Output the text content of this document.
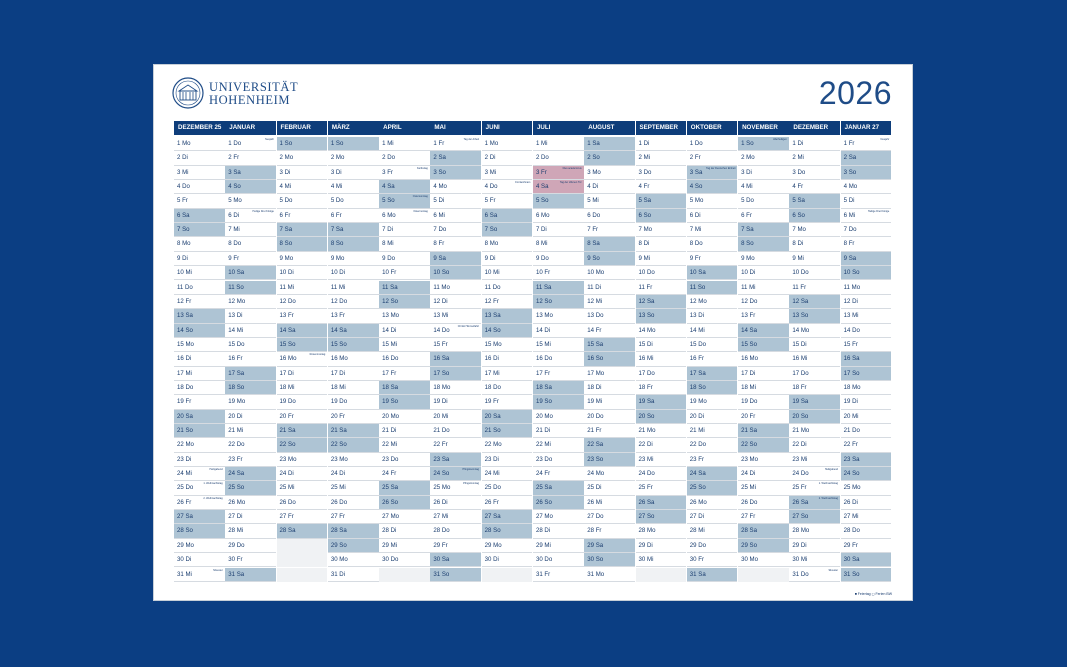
UNIVERSITÄT
HOHENHEIM	2026
DEZEMBER 25
1 Mo
2 Di
3 Mi
4 Do
5 Fr
6 Sa
7 So
8 Mo
9 Di
10 Mi
11 Do
12 Fr
13 Sa
14 So
15 Mo
16 Di
17 Mi
18 Do
19 Fr
20 Sa
21 So
22 Mo
23 Di
24 Mi
Heiligabend
25 Do
1. Weihnachtstag
26 Fr
2. Weihnachtstag
27 Sa
28 So
29 Mo
30 Di
31 Mi
Silvester
JANUAR
1 Do
Neujahr
2 Fr
3 Sa
4 So
5 Mo
6 Di
Heilige Drei Könige
7 Mi
8 Do
9 Fr
10 Sa
11 So
12 Mo
13 Di
14 Mi
15 Do
16 Fr
17 Sa
18 So
19 Mo
20 Di
21 Mi
22 Do
23 Fr
24 Sa
25 So
26 Mo
27 Di
28 Mi
29 Do
30 Fr
31 Sa
FEBRUAR
1 So
2 Mo
3 Di
4 Mi
5 Do
6 Fr
7 Sa
8 So
9 Mo
10 Di
11 Mi
12 Do
13 Fr
14 Sa
15 So
16 Mo
Rosenmontag
17 Di
18 Mi
19 Do
20 Fr
21 Sa
22 So
23 Mo
24 Di
25 Mi
26 Do
27 Fr
28 Sa
MÄRZ
1 So
2 Mo
3 Di
4 Mi
5 Do
6 Fr
7 Sa
8 So
9 Mo
10 Di
11 Mi
12 Do
13 Fr
14 Sa
15 So
16 Mo
17 Di
18 Mi
19 Do
20 Fr
21 Sa
22 So
23 Mo
24 Di
25 Mi
26 Do
27 Fr
28 Sa
29 So
30 Mo
31 Di
APRIL
1 Mi
2 Do
3 Fr
Karfreitag
4 Sa
5 So
Ostersonntag
6 Mo
Ostermontag
7 Di
8 Mi
9 Do
10 Fr
11 Sa
12 So
13 Mo
14 Di
15 Mi
16 Do
17 Fr
18 Sa
19 So
20 Mo
21 Di
22 Mi
23 Do
24 Fr
25 Sa
26 So
27 Mo
28 Di
29 Mi
30 Do
MAI
1 Fr
Tag der Arbeit
2 Sa
3 So
4 Mo
5 Di
6 Mi
7 Do
8 Fr
9 Sa
10 So
11 Mo
12 Di
13 Mi
14 Do
Christi Himmelfahrt
15 Fr
16 Sa
17 So
18 Mo
19 Di
20 Mi
21 Do
22 Fr
23 Sa
24 So
Pfingstsonntag
25 Mo
Pfingstmontag
26 Di
27 Mi
28 Do
29 Fr
30 Sa
31 So
JUNI
1 Mo
2 Di
3 Mi
4 Do
Fronleichnam
5 Fr
6 Sa
7 So
8 Mo
9 Di
10 Mi
11 Do
12 Fr
13 Sa
14 So
15 Mo
16 Di
17 Mi
18 Do
19 Fr
20 Sa
21 So
22 Mo
23 Di
24 Mi
25 Do
26 Fr
27 Sa
28 So
29 Mo
30 Di
JULI
1 Mi
2 Do
3 Fr
Dies academicus
4 Sa
Tag der offenen Tür
5 So
6 Mo
7 Di
8 Mi
9 Do
10 Fr
11 Sa
12 So
13 Mo
14 Di
15 Mi
16 Do
17 Fr
18 Sa
19 So
20 Mo
21 Di
22 Mi
23 Do
24 Fr
25 Sa
26 So
27 Mo
28 Di
29 Mi
30 Do
31 Fr
AUGUST
1 Sa
2 So
3 Mo
4 Di
5 Mi
6 Do
7 Fr
8 Sa
9 So
10 Mo
11 Di
12 Mi
13 Do
14 Fr
15 Sa
16 So
17 Mo
18 Di
19 Mi
20 Do
21 Fr
22 Sa
23 So
24 Mo
25 Di
26 Mi
27 Do
28 Fr
29 Sa
30 So
31 Mo
SEPTEMBER
1 Di
2 Mi
3 Do
4 Fr
5 Sa
6 So
7 Mo
8 Di
9 Mi
10 Do
11 Fr
12 Sa
13 So
14 Mo
15 Di
16 Mi
17 Do
18 Fr
19 Sa
20 So
21 Mo
22 Di
23 Mi
24 Do
25 Fr
26 Sa
27 So
28 Mo
29 Di
30 Mi
OKTOBER
1 Do
2 Fr
3 Sa
Tag der Deutschen Einheit
4 So
5 Mo
6 Di
7 Mi
8 Do
9 Fr
10 Sa
11 So
12 Mo
13 Di
14 Mi
15 Do
16 Fr
17 Sa
18 So
19 Mo
20 Di
21 Mi
22 Do
23 Fr
24 Sa
25 So
26 Mo
27 Di
28 Mi
29 Do
30 Fr
31 Sa
NOVEMBER
1 So
Allerheiligen
2 Mo
3 Di
4 Mi
5 Do
6 Fr
7 Sa
8 So
9 Mo
10 Di
11 Mi
12 Do
13 Fr
14 Sa
15 So
16 Mo
17 Di
18 Mi
19 Do
20 Fr
21 Sa
22 So
23 Mo
24 Di
25 Mi
26 Do
27 Fr
28 Sa
29 So
30 Mo
DEZEMBER
1 Di
2 Mi
3 Do
4 Fr
5 Sa
6 So
7 Mo
8 Di
9 Mi
10 Do
11 Fr
12 Sa
13 So
14 Mo
15 Di
16 Mi
17 Do
18 Fr
19 Sa
20 So
21 Mo
22 Di
23 Mi
24 Do
Heiligabend
25 Fr
1. Weihnachtstag
26 Sa
2. Weihnachtstag
27 So
28 Mo
29 Di
30 Mi
31 Do
Silvester
JANUAR 27
1 Fr
Neujahr
2 Sa
3 So
4 Mo
5 Di
6 Mi
Heilige Drei Könige
7 Do
8 Fr
9 Sa
10 So
11 Mo
12 Di
13 Mi
14 Do
15 Fr
16 Sa
17 So
18 Mo
19 Di
20 Mi
21 Do
22 Fr
23 Sa
24 So
25 Mo
26 Di
27 Mi
28 Do
29 Fr
30 Sa
31 So
■ Feiertag ◻ Ferien BW
